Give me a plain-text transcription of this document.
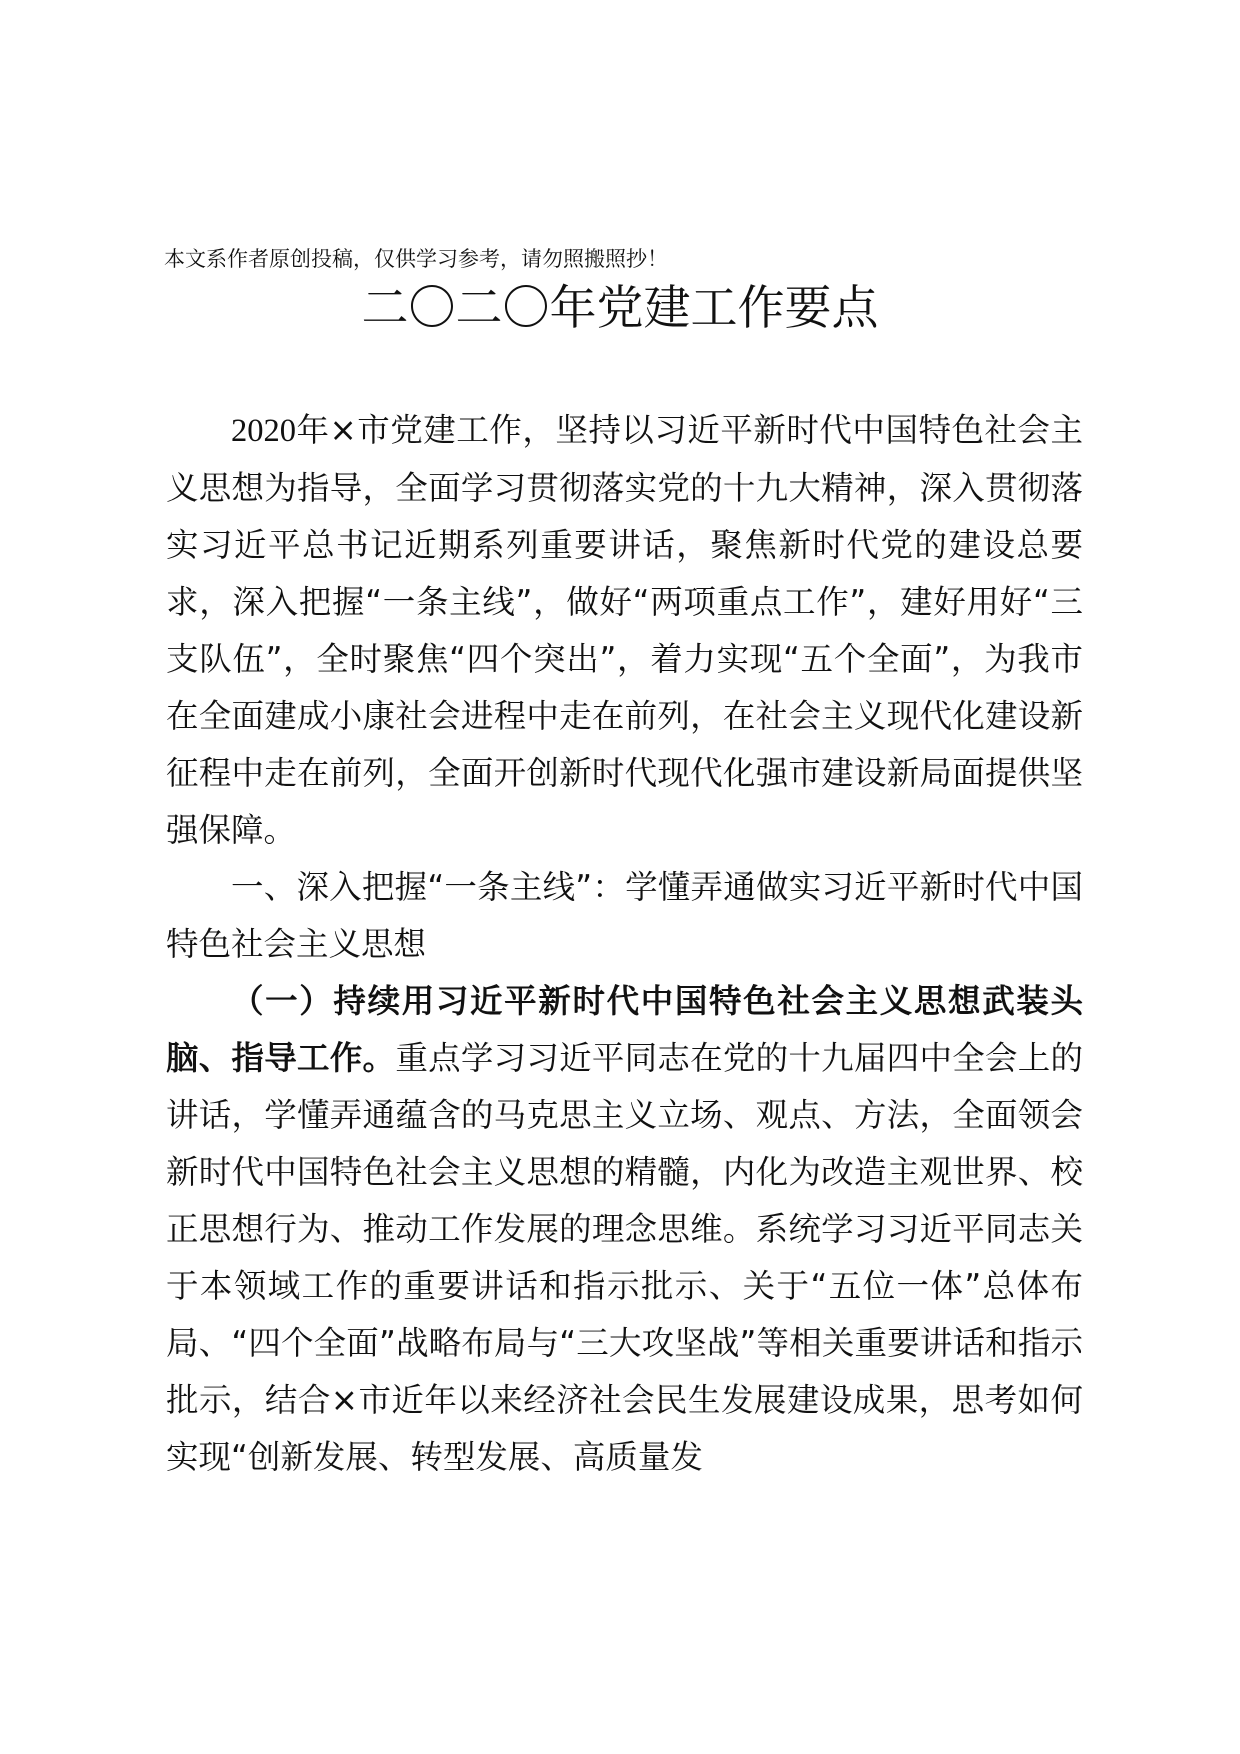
本文系作者原创投稿，仅供学习参考，请勿照搬照抄！
二〇二〇年党建工作要点

2020年×市党建工作，坚持以习近平新时代中国特色社会主义思想为指导，全面学习贯彻落实党的十九大精神，深入贯彻落实习近平总书记近期系列重要讲话，聚焦新时代党的建设总要求，深入把握“一条主线”，做好“两项重点工作”，建好用好“三支队伍”，全时聚焦“四个突出”，着力实现“五个全面”，为我市在全面建成小康社会进程中走在前列，在社会主义现代化建设新征程中走在前列，全面开创新时代现代化强市建设新局面提供坚强保障。

一、深入把握“一条主线”：学懂弄通做实习近平新时代中国特色社会主义思想

（一）持续用习近平新时代中国特色社会主义思想武装头脑、指导工作。重点学习习近平同志在党的十九届四中全会上的讲话，学懂弄通蕴含的马克思主义立场、观点、方法，全面领会新时代中国特色社会主义思想的精髓，内化为改造主观世界、校正思想行为、推动工作发展的理念思维。系统学习习近平同志关于本领域工作的重要讲话和指示批示、关于“五位一体”总体布局、“四个全面”战略布局与“三大攻坚战”等相关重要讲话和指示批示，结合×市近年以来经济社会民生发展建设成果，思考如何实现“创新发展、转型发展、高质量发
